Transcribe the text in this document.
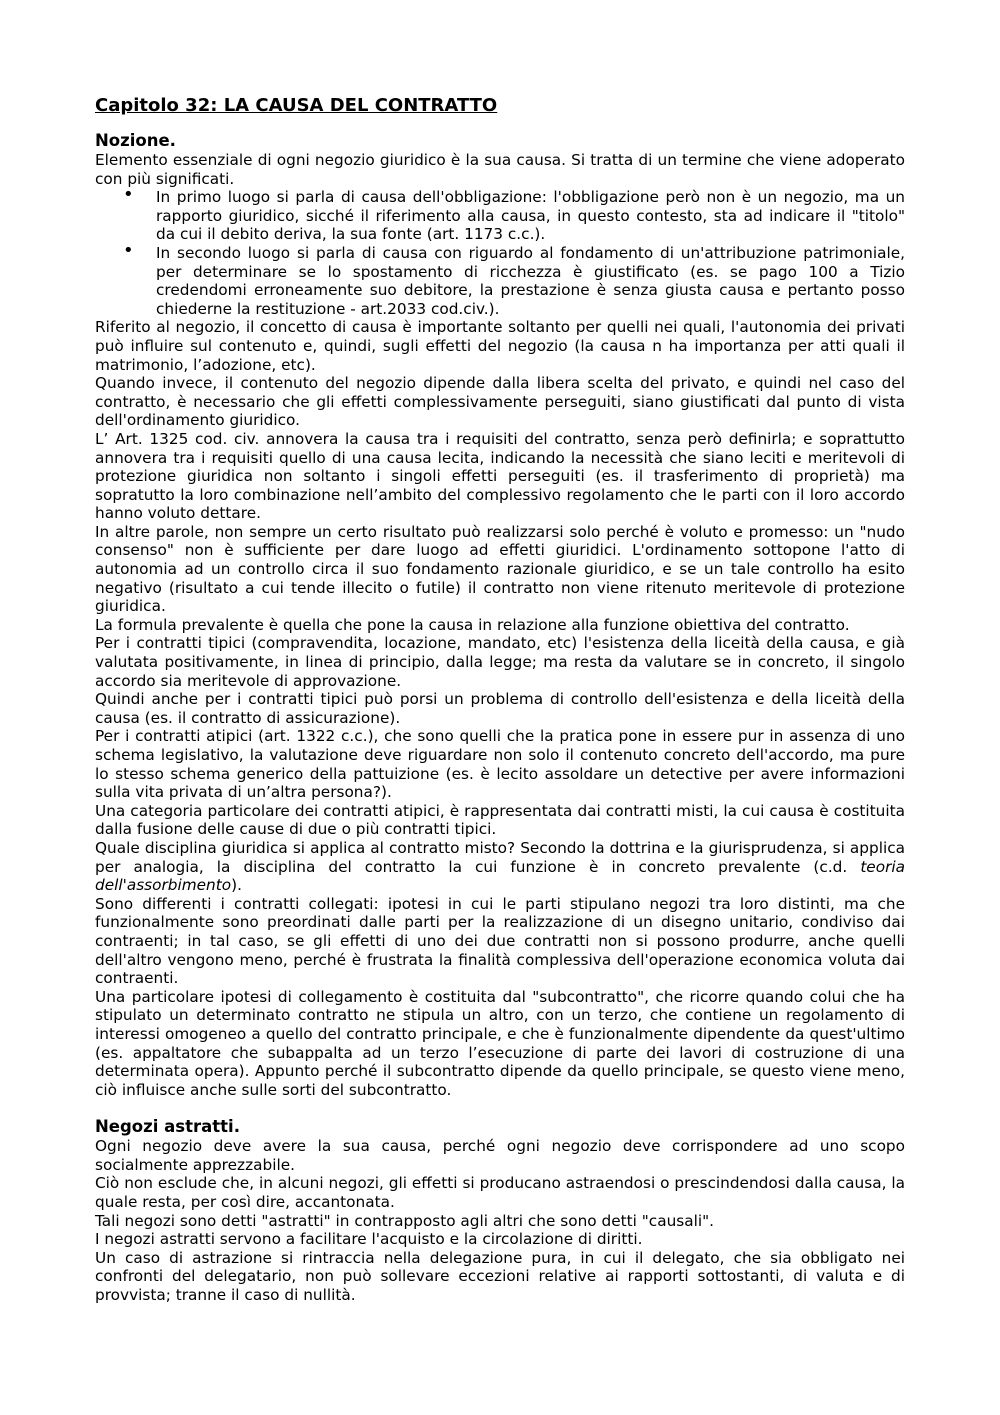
Capitolo 32: LA CAUSA DEL CONTRATTO
Nozione.

Elemento essenziale di ogni negozio giuridico è la sua causa. Si tratta di un termine che viene adoperato con più significati.

• In primo luogo si parla di causa dell'obbligazione: l'obbligazione però non è un negozio, ma un rapporto giuridico, sicché il riferimento alla causa, in questo contesto, sta ad indicare il "titolo" da cui il debito deriva, la sua fonte (art. 1173 c.c.).
• In secondo luogo si parla di causa con riguardo al fondamento di un'attribuzione patrimoniale, per determinare se lo spostamento di ricchezza è giustificato (es. se pago 100 a Tizio credendomi erroneamente suo debitore, la prestazione è senza giusta causa e pertanto posso chiederne la restituzione - art.2033 cod.civ.).

Riferito al negozio, il concetto di causa è importante soltanto per quelli nei quali, l'autonomia dei privati può influire sul contenuto e, quindi, sugli effetti del negozio (la causa n ha importanza per atti quali il matrimonio, l’adozione, etc).

Quando invece, il contenuto del negozio dipende dalla libera scelta del privato, e quindi nel caso del contratto, è necessario che gli effetti complessivamente perseguiti, siano giustificati dal punto di vista dell'ordinamento giuridico.

L’ Art. 1325 cod. civ. annovera la causa tra i requisiti del contratto, senza però definirla; e soprattutto annovera tra i requisiti quello di una causa lecita, indicando la necessità che siano leciti e meritevoli di protezione giuridica non soltanto i singoli effetti perseguiti (es. il trasferimento di proprietà) ma sopratutto la loro combinazione nell’ambito del complessivo regolamento che le parti con il loro accordo hanno voluto dettare.

In altre parole, non sempre un certo risultato può realizzarsi solo perché è voluto e promesso: un "nudo consenso" non è sufficiente per dare luogo ad effetti giuridici. L'ordinamento sottopone l'atto di autonomia ad un controllo circa il suo fondamento razionale giuridico, e se un tale controllo ha esito negativo (risultato a cui tende illecito o futile) il contratto non viene ritenuto meritevole di protezione giuridica.

La formula prevalente è quella che pone la causa in relazione alla funzione obiettiva del contratto.

Per i contratti tipici (compravendita, locazione, mandato, etc) l'esistenza della liceità della causa, e già valutata positivamente, in linea di principio, dalla legge; ma resta da valutare se in concreto, il singolo accordo sia meritevole di approvazione.

Quindi anche per i contratti tipici può porsi un problema di controllo dell'esistenza e della liceità della causa (es. il contratto di assicurazione).

Per i contratti atipici (art. 1322 c.c.), che sono quelli che la pratica pone in essere pur in assenza di uno schema legislativo, la valutazione deve riguardare non solo il contenuto concreto dell'accordo, ma pure lo stesso schema generico della pattuizione (es. è lecito assoldare un detective per avere informazioni sulla vita privata di un’altra persona?).

Una categoria particolare dei contratti atipici, è rappresentata dai contratti misti, la cui causa è costituita dalla fusione delle cause di due o più contratti tipici.

Quale disciplina giuridica si applica al contratto misto? Secondo la dottrina e la giurisprudenza, si applica per analogia, la disciplina del contratto la cui funzione è in concreto prevalente (c.d. teoria dell'assorbimento).

Sono differenti i contratti collegati: ipotesi in cui le parti stipulano negozi tra loro distinti, ma che funzionalmente sono preordinati dalle parti per la realizzazione di un disegno unitario, condiviso dai contraenti; in tal caso, se gli effetti di uno dei due contratti non si possono produrre, anche quelli dell'altro vengono meno, perché è frustrata la finalità complessiva dell'operazione economica voluta dai contraenti.

Una particolare ipotesi di collegamento è costituita dal "subcontratto", che ricorre quando colui che ha stipulato un determinato contratto ne stipula un altro, con un terzo, che contiene un regolamento di interessi omogeneo a quello del contratto principale, e che è funzionalmente dipendente da quest'ultimo (es. appaltatore che subappalta ad un terzo l’esecuzione di parte dei lavori di costruzione di una determinata opera). Appunto perché il subcontratto dipende da quello principale, se questo viene meno, ciò influisce anche sulle sorti del subcontratto.

Negozi astratti.

Ogni negozio deve avere la sua causa, perché ogni negozio deve corrispondere ad uno scopo socialmente apprezzabile.

Ciò non esclude che, in alcuni negozi, gli effetti si producano astraendosi o prescindendosi dalla causa, la quale resta, per così dire, accantonata.

Tali negozi sono detti "astratti" in contrapposto agli altri che sono detti "causali".

I negozi astratti servono a facilitare l'acquisto e la circolazione di diritti.

Un caso di astrazione si rintraccia nella delegazione pura, in cui il delegato, che sia obbligato nei confronti del delegatario, non può sollevare eccezioni relative ai rapporti sottostanti, di valuta e di provvista; tranne il caso di nullità.
